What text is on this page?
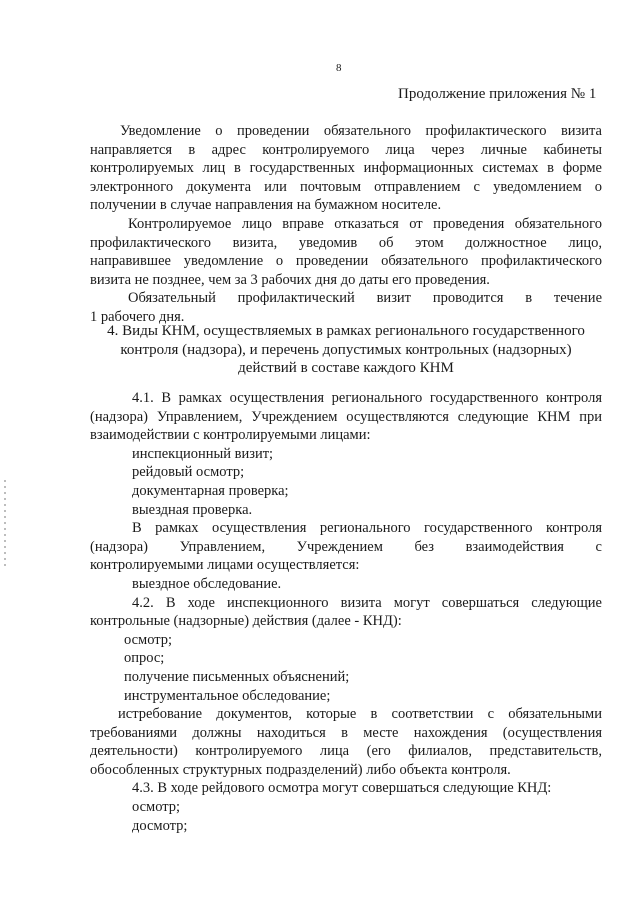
8
Продолжение приложения № 1
Уведомление о проведении обязательного профилактического визита
направляется в адрес контролируемого лица через личные кабинеты
контролируемых лиц в государственных информационных системах в форме
электронного документа или почтовым отправлением с уведомлением о
получении в случае направления на бумажном носителе.
Контролируемое лицо вправе отказаться от проведения обязательного
профилактического визита, уведомив об этом должностное лицо,
направившее уведомление о проведении обязательного профилактического
визита не позднее, чем за 3 рабочих дня до даты его проведения.
Обязательный профилактический визит проводится в течение
1 рабочего дня.
4. Виды КНМ, осуществляемых в рамках регионального государственного
контроля (надзора), и перечень допустимых контрольных (надзорных)
действий в составе каждого КНМ
4.1. В рамках осуществления регионального государственного контроля
(надзора) Управлением, Учреждением осуществляются следующие КНМ при
взаимодействии с контролируемыми лицами:
инспекционный визит;
рейдовый осмотр;
документарная проверка;
выездная проверка.
В рамках осуществления регионального государственного контроля
(надзора) Управлением, Учреждением без взаимодействия с
контролируемыми лицами осуществляется:
выездное обследование.
4.2. В ходе инспекционного визита могут совершаться следующие
контрольные (надзорные) действия (далее - КНД):
осмотр;
опрос;
получение письменных объяснений;
инструментальное обследование;
истребование документов, которые в соответствии с обязательными
требованиями должны находиться в месте нахождения (осуществления
деятельности) контролируемого лица (его филиалов, представительств,
обособленных структурных подразделений) либо объекта контроля.
4.3. В ходе рейдового осмотра могут совершаться следующие КНД:
осмотр;
досмотр;
